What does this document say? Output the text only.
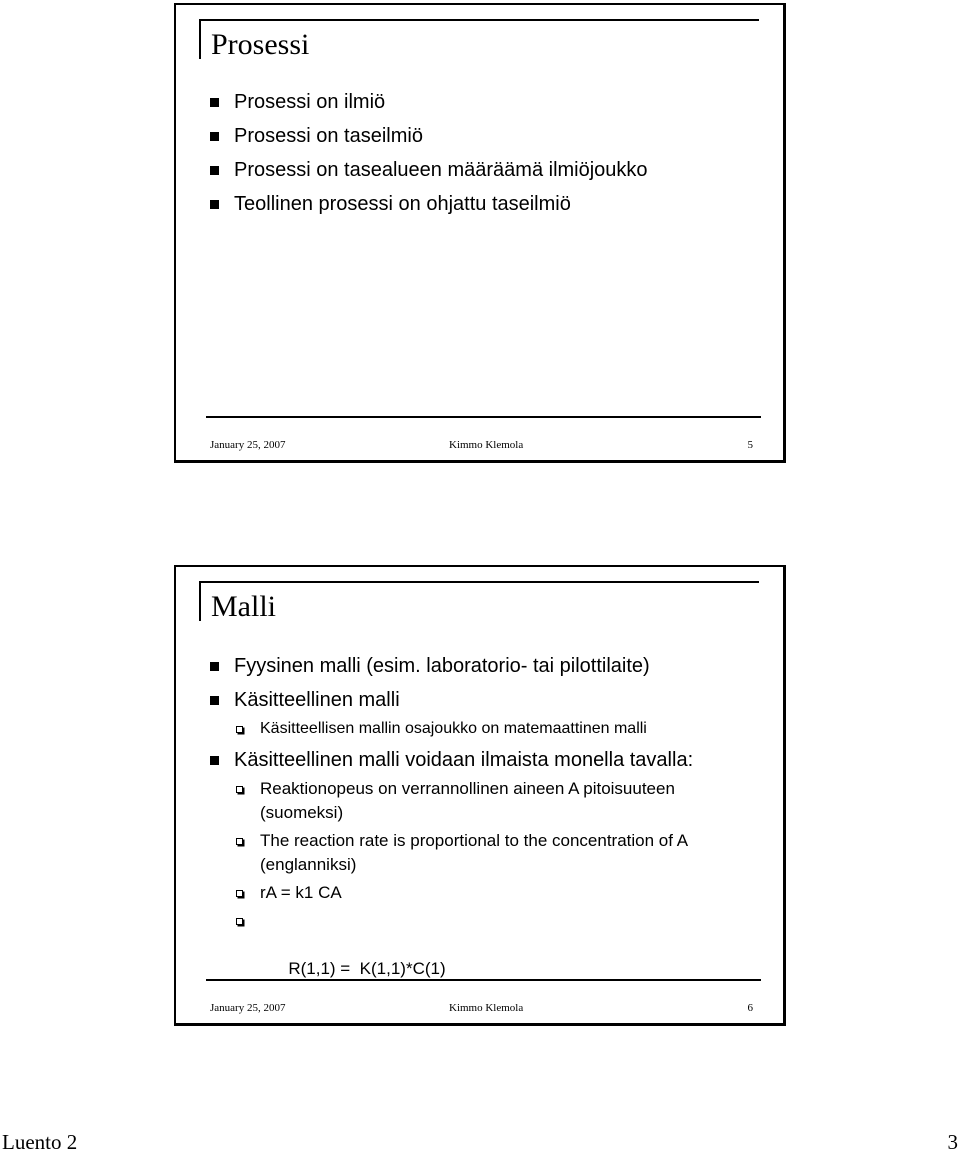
Prosessi
Prosessi on ilmiö
Prosessi on taseilmiö
Prosessi on tasealueen määräämä ilmiöjoukko
Teollinen prosessi on ohjattu taseilmiö
January 25, 2007	Kimmo Klemola	5
Malli
Fyysinen malli (esim. laboratorio- tai pilottilaite)
Käsitteellinen malli
Käsitteellisen mallin osajoukko on matemaattinen malli
Käsitteellinen malli voidaan ilmaista monella tavalla:
Reaktionopeus on verrannollinen aineen A pitoisuuteen (suomeksi)
The reaction rate is proportional to the concentration of A (englanniksi)
rA = k1 CA

R(1,1) =  K(1,1)*C(1)

January 25, 2007	Kimmo Klemola	6
Luento 2	3
